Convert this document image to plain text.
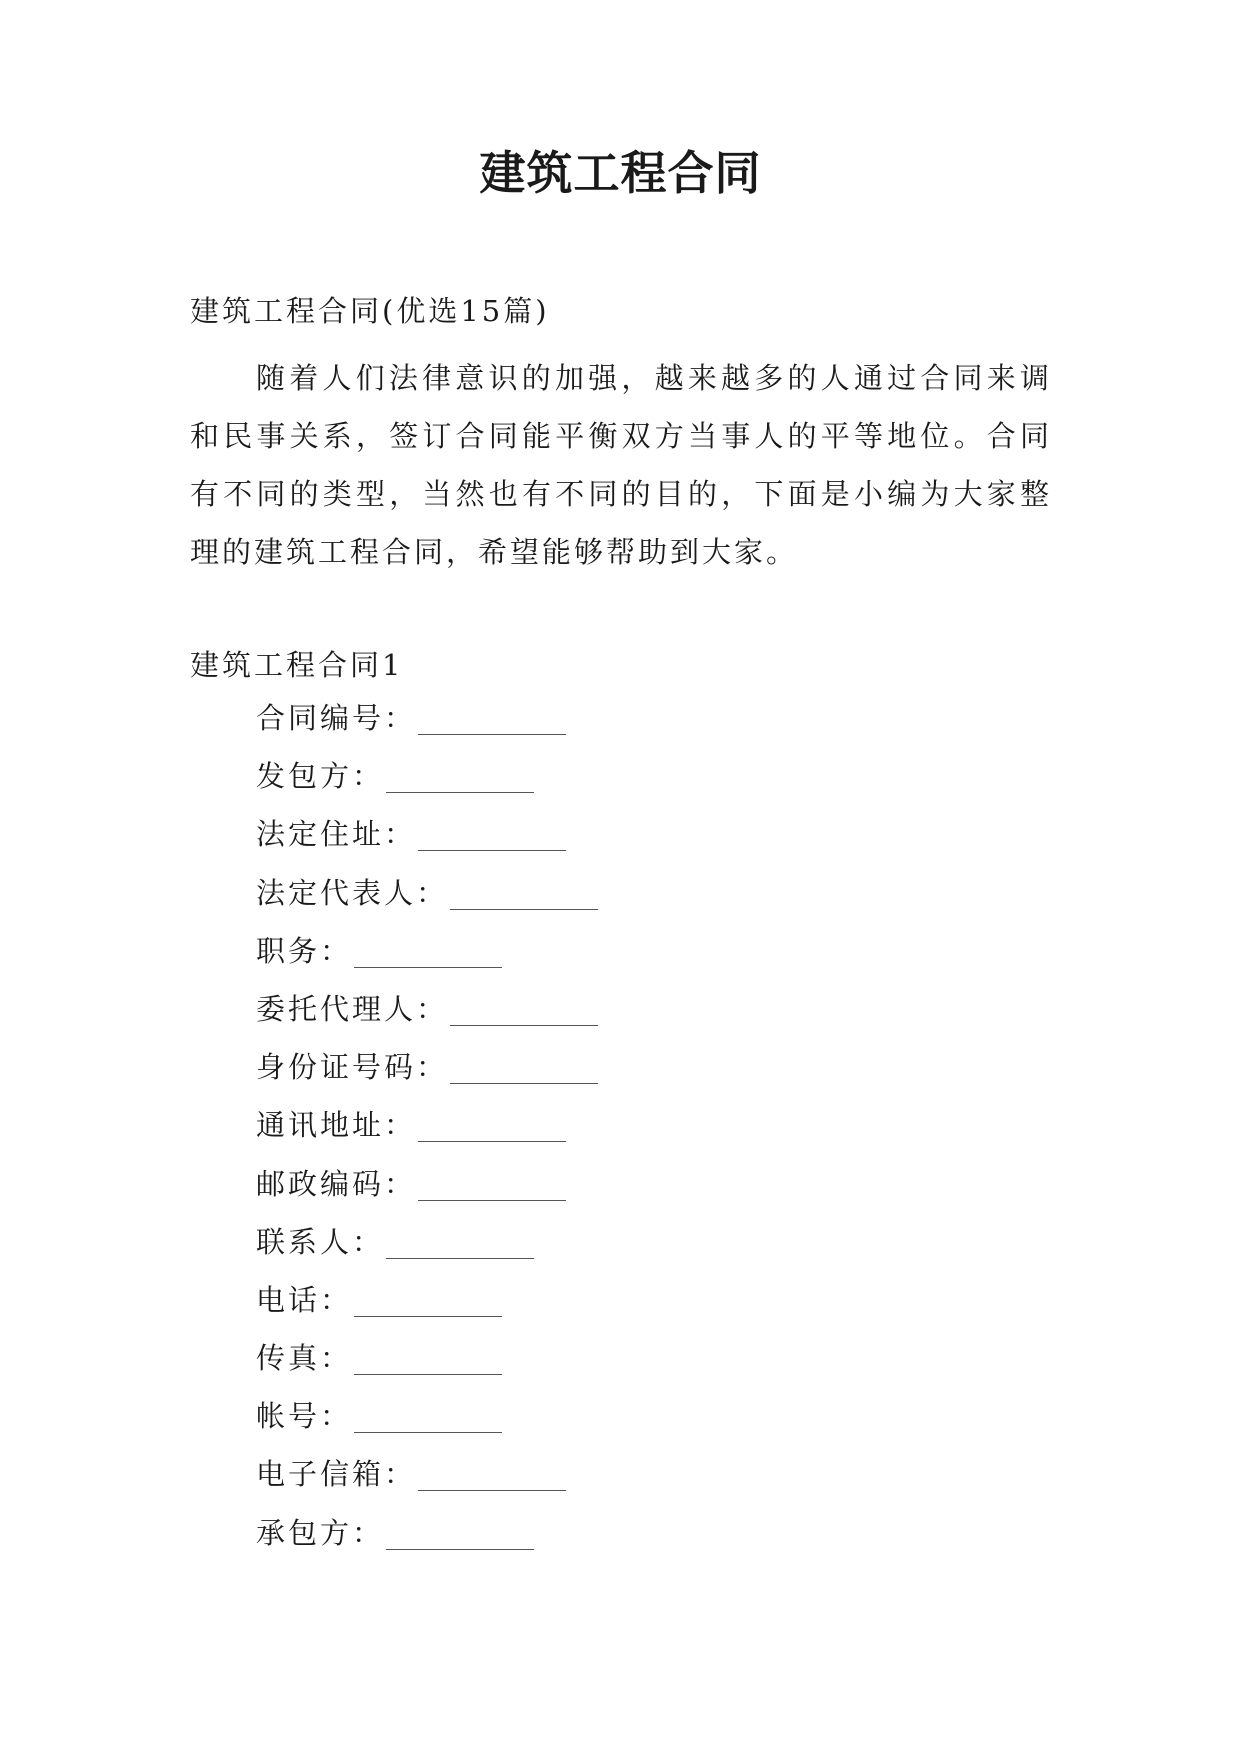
建筑工程合同
建筑工程合同(优选15篇)

随着人们法律意识的加强，越来越多的人通过合同来调和民事关系，签订合同能平衡双方当事人的平等地位。合同有不同的类型，当然也有不同的目的，下面是小编为大家整理的建筑工程合同，希望能够帮助到大家。

建筑工程合同1
合同编号：
发包方：
法定住址：
法定代表人：
职务：
委托代理人：
身份证号码：
通讯地址：
邮政编码：
联系人：
电话：
传真：
帐号：
电子信箱：
承包方：
